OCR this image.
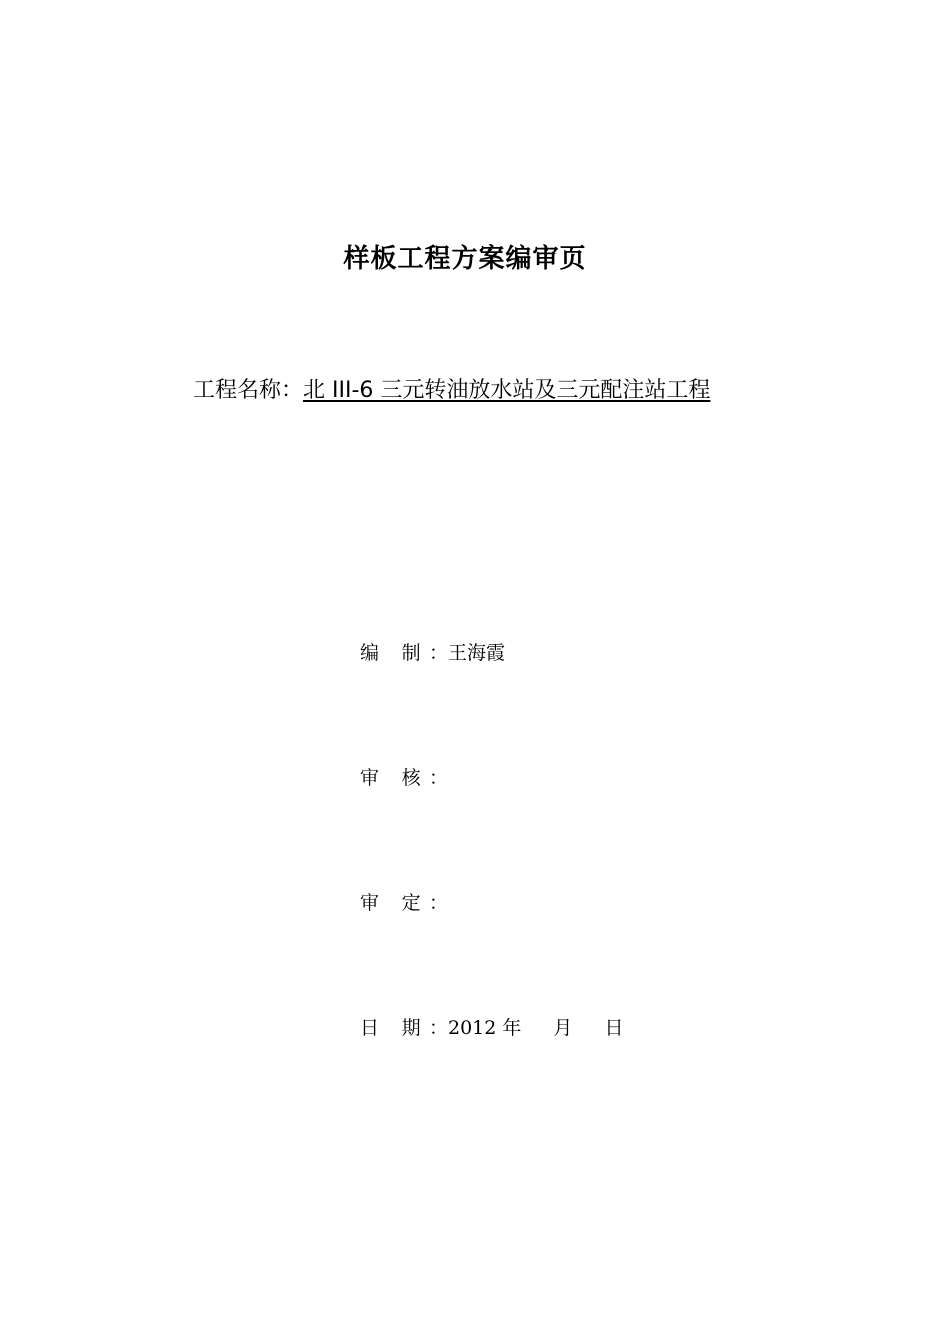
样板工程方案编审页
工程名称：北 III-6 三元转油放水站及三元配注站工程
编 制：王海霞
审 核：
审 定：
日 期：2012 年 月 日
